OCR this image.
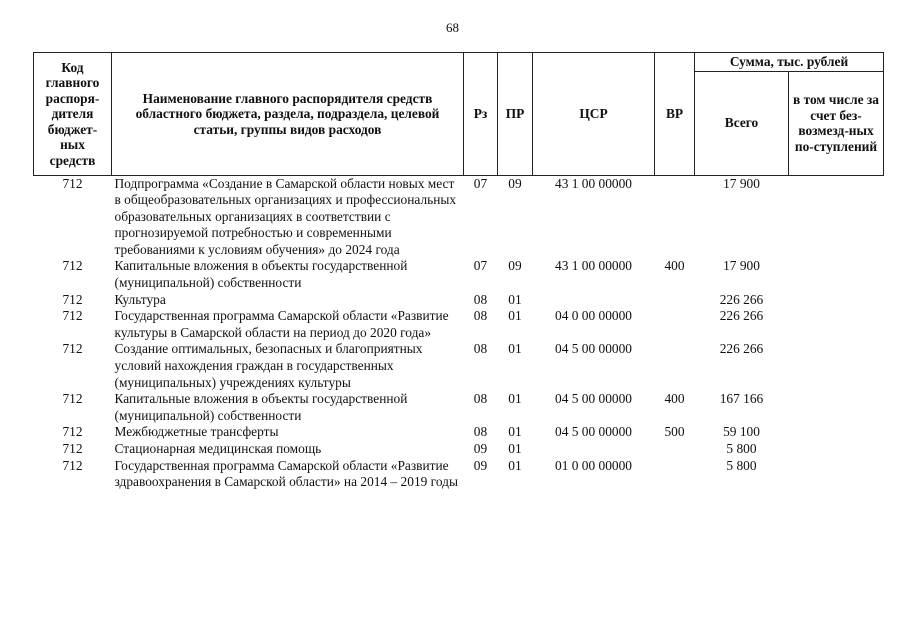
68
Код главного распоря-дителя бюджет-ных средств	Наименование главного распорядителя средств областного бюджета, раздела, подраздела, целевой статьи, группы видов расходов	Рз	ПР	ЦСР	ВР	Сумма, тыс. рублей	
						Всего	в том числе за счет без-возмезд-ных по-ступлений
712	Подпрограмма «Создание в Самарской области новых мест в общеобразовательных организациях и профессиональных образовательных организациях в соответствии с прогнозируемой потребностью и современными требованиями к условиям обучения» до 2024 года	07	09	43 1 00 00000		17 900	
712	Капитальные вложения в объекты государственной (муниципальной) собственности	07	09	43 1 00 00000	400	17 900	
712	Культура	08	01			226 266	
712	Государственная программа Самарской области «Развитие культуры в Самарской области на период до 2020 года»	08	01	04 0 00 00000		226 266	
712	Создание оптимальных, безопасных и благоприятных условий нахождения граждан в государственных (муниципальных) учреждениях культуры	08	01	04 5 00 00000		226 266	
712	Капитальные вложения в объекты государственной (муниципальной) собственности	08	01	04 5 00 00000	400	167 166	
712	Межбюджетные трансферты	08	01	04 5 00 00000	500	59 100	
712	Стационарная медицинская помощь	09	01			5 800	
712	Государственная программа Самарской области «Развитие здравоохранения в Самарской области» на 2014 – 2019 годы	09	01	01 0 00 00000		5 800	
